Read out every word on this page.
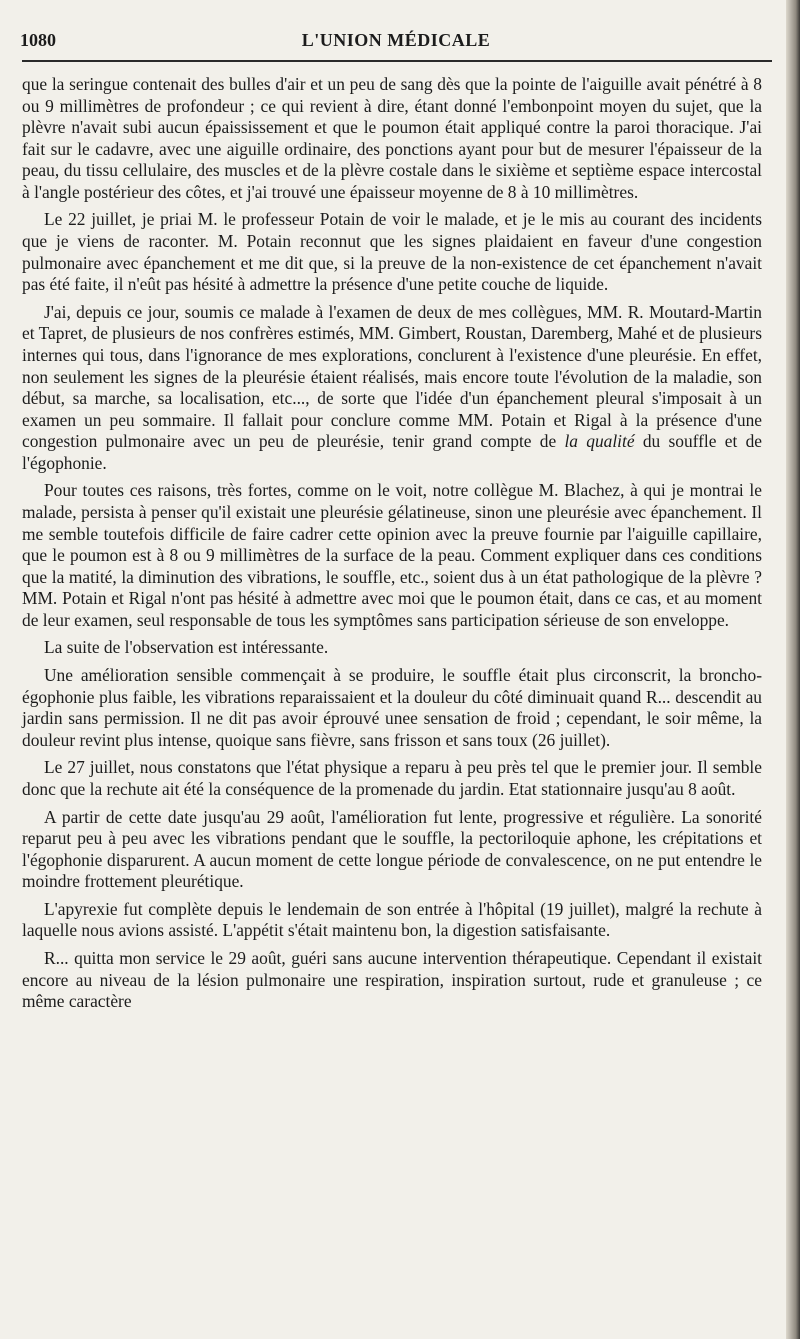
L'UNION MÉDICALE
1080

que la seringue contenait des bulles d'air et un peu de sang dès que la pointe de l'aiguille avait pénétré à 8 ou 9 millimètres de profondeur ; ce qui revient à dire, étant donné l'embonpoint moyen du sujet, que la plèvre n'avait subi aucun épaississement et que le poumon était appliqué contre la paroi thoracique. J'ai fait sur le cadavre, avec une aiguille ordinaire, des ponctions ayant pour but de mesurer l'épaisseur de la peau, du tissu cellulaire, des muscles et de la plèvre costale dans le sixième et septième espace intercostal à l'angle postérieur des côtes, et j'ai trouvé une épaisseur moyenne de 8 à 10 millimètres.

Le 22 juillet, je priai M. le professeur Potain de voir le malade, et je le mis au courant des incidents que je viens de raconter. M. Potain reconnut que les signes plaidaient en faveur d'une congestion pulmonaire avec épanchement et me dit que, si la preuve de la non-existence de cet épanchement n'avait pas été faite, il n'eût pas hésité à admettre la présence d'une petite couche de liquide.

J'ai, depuis ce jour, soumis ce malade à l'examen de deux de mes collègues, MM. R. Moutard-Martin et Tapret, de plusieurs de nos confrères estimés, MM. Gimbert, Roustan, Daremberg, Mahé et de plusieurs internes qui tous, dans l'ignorance de mes explorations, conclurent à l'existence d'une pleurésie. En effet, non seulement les signes de la pleurésie étaient réalisés, mais encore toute l'évolution de la maladie, son début, sa marche, sa localisation, etc..., de sorte que l'idée d'un épanchement pleural s'imposait à un examen un peu sommaire. Il fallait pour conclure comme MM. Potain et Rigal à la présence d'une congestion pulmonaire avec un peu de pleurésie, tenir grand compte de la qualité du souffle et de l'égophonie.

Pour toutes ces raisons, très fortes, comme on le voit, notre collègue M. Blachez, à qui je montrai le malade, persista à penser qu'il existait une pleurésie gélatineuse, sinon une pleurésie avec épanchement. Il me semble toutefois difficile de faire cadrer cette opinion avec la preuve fournie par l'aiguille capillaire, que le poumon est à 8 ou 9 millimètres de la surface de la peau. Comment expliquer dans ces conditions que la matité, la diminution des vibrations, le souffle, etc., soient dus à un état pathologique de la plèvre ? MM. Potain et Rigal n'ont pas hésité à admettre avec moi que le poumon était, dans ce cas, et au moment de leur examen, seul responsable de tous les symptômes sans participation sérieuse de son enveloppe.

La suite de l'observation est intéressante.

Une amélioration sensible commençait à se produire, le souffle était plus circonscrit, la broncho-égophonie plus faible, les vibrations reparaissaient et la douleur du côté diminuait quand R... descendit au jardin sans permission. Il ne dit pas avoir éprouvé unee sensation de froid ; cependant, le soir même, la douleur revint plus intense, quoique sans fièvre, sans frisson et sans toux (26 juillet).

Le 27 juillet, nous constatons que l'état physique a reparu à peu près tel que le premier jour. Il semble donc que la rechute ait été la conséquence de la promenade du jardin. Etat stationnaire jusqu'au 8 août.

A partir de cette date jusqu'au 29 août, l'amélioration fut lente, progressive et régulière. La sonorité reparut peu à peu avec les vibrations pendant que le souffle, la pectoriloquie aphone, les crépitations et l'égophonie disparurent. A aucun moment de cette longue période de convalescence, on ne put entendre le moindre frottement pleurétique.

L'apyrexie fut complète depuis le lendemain de son entrée à l'hôpital (19 juillet), malgré la rechute à laquelle nous avions assisté. L'appétit s'était maintenu bon, la digestion satisfaisante.

R... quitta mon service le 29 août, guéri sans aucune intervention thérapeutique. Cependant il existait encore au niveau de la lésion pulmonaire une respiration, inspiration surtout, rude et granuleuse ; ce même caractère
